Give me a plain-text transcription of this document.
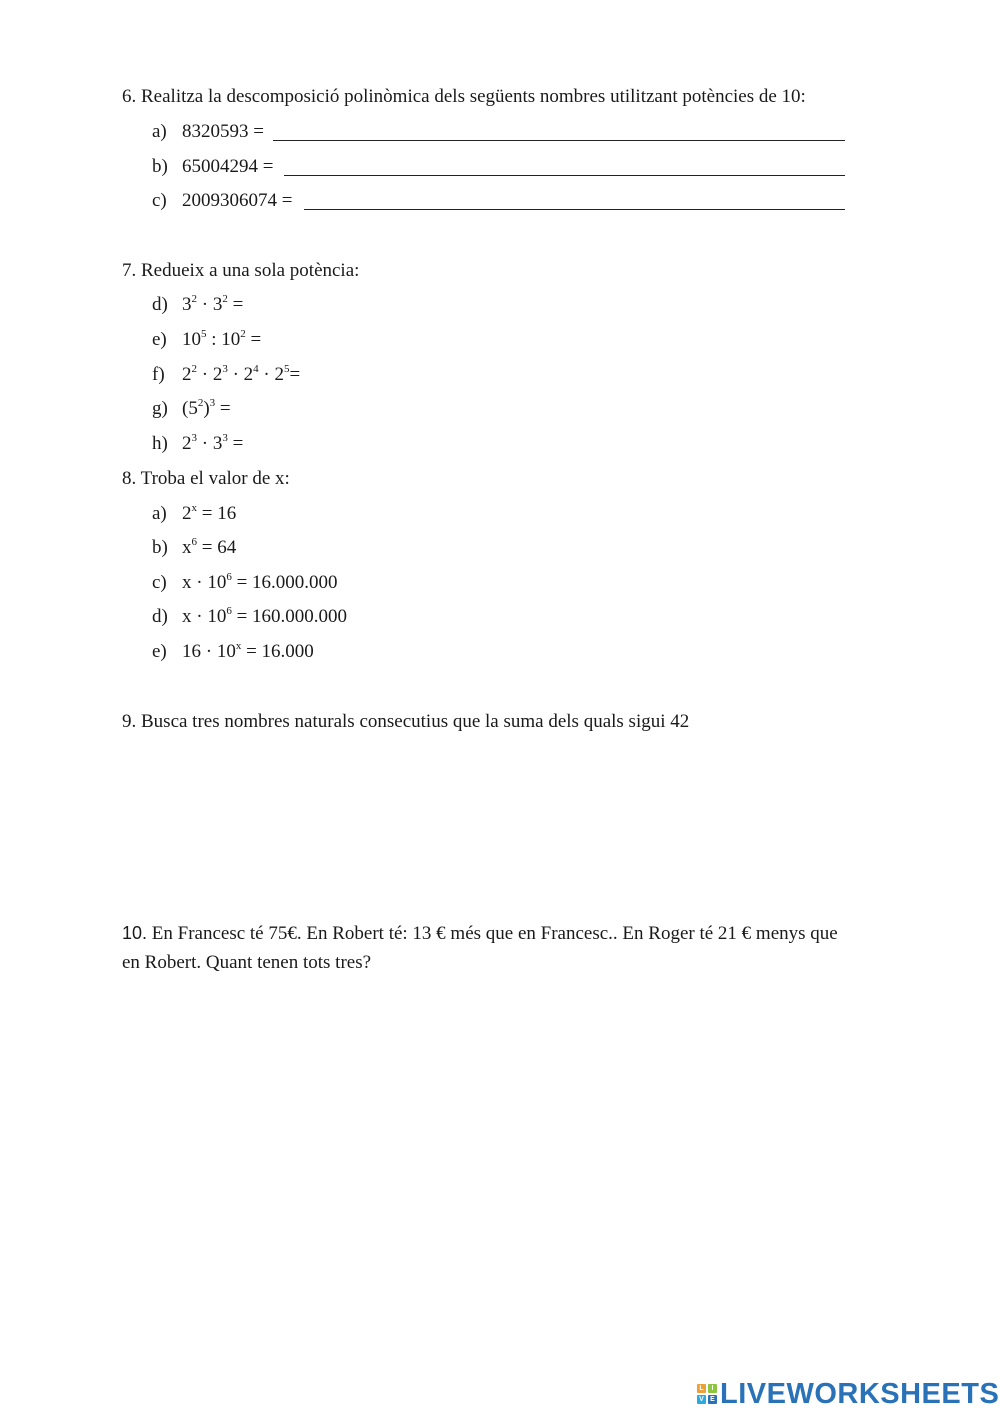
6. Realitza la descomposició polinòmica dels següents nombres utilitzant potències de 10:
a) 8320593 =
b) 65004294 =
c) 2009306074 =
7. Redueix a una sola potència:
d) $3^2 \cdot 3^2$ =
e) $10^5$ : $10^2$ =
f) $2^2 \cdot 2^3 \cdot 2^4 \cdot 2^5=$
g) $(5^2)^3$ =
h) $2^3 \cdot 3^3$ =
8. Troba el valor de x:
a) $2^x = 16$
b) $x^6 = 64$
c) $x \cdot 10^6 = 16.000.000$
d) $x \cdot 10^6 = 160.000.000$
e) $16 \cdot 10^x = 16.000$
9. Busca tres nombres naturals consecutius que la suma dels quals sigui 42
10. En Francesc té 75€. En Robert té: 13 € més que en Francesc.. En Roger té 21 € menys que en Robert. Quant tenen tots tres?
L	I
V E LIVEWORKSHEETS
